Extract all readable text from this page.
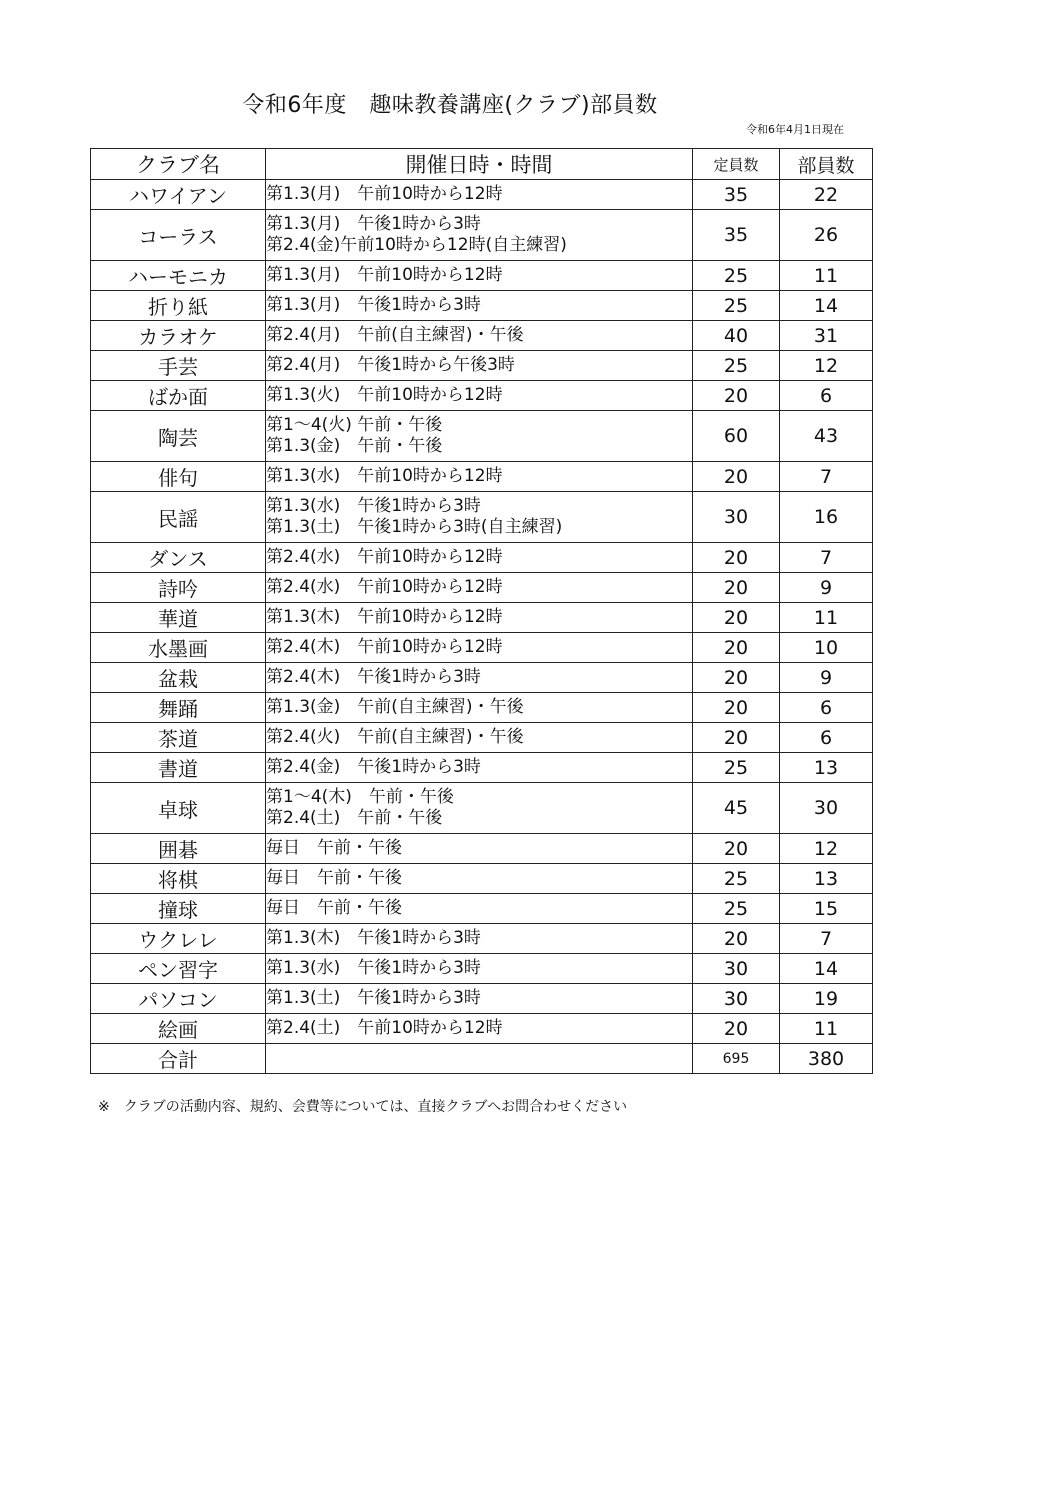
令和6年度　趣味教養講座(クラブ)部員数
令和6年4月1日現在
クラブ名	開催日時・時間	定員数	部員数
ハワイアン	第1.3(月)　午前10時から12時	35	22
コーラス	第1.3(月)　午後1時から3時
第2.4(金)午前10時から12時(自主練習)	35	26
ハーモニカ	第1.3(月)　午前10時から12時	25	11
折り紙	第1.3(月)　午後1時から3時	25	14
カラオケ	第2.4(月)　午前(自主練習)・午後	40	31
手芸	第2.4(月)　午後1時から午後3時	25	12
ばか面	第1.3(火)　午前10時から12時	20	6
陶芸	第1～4(火) 午前・午後
第1.3(金)　午前・午後	60	43
俳句	第1.3(水)　午前10時から12時	20	7
民謡	第1.3(水)　午後1時から3時
第1.3(土)　午後1時から3時(自主練習)	30	16
ダンス	第2.4(水)　午前10時から12時	20	7
詩吟	第2.4(水)　午前10時から12時	20	9
華道	第1.3(木)　午前10時から12時	20	11
水墨画	第2.4(木)　午前10時から12時	20	10
盆栽	第2.4(木)　午後1時から3時	20	9
舞踊	第1.3(金)　午前(自主練習)・午後	20	6
茶道	第2.4(火)　午前(自主練習)・午後	20	6
書道	第2.4(金)　午後1時から3時	25	13
卓球	第1～4(木)　午前・午後
第2.4(土)　午前・午後	45	30
囲碁	毎日　午前・午後	20	12
将棋	毎日　午前・午後	25	13
撞球	毎日　午前・午後	25	15
ウクレレ	第1.3(木)　午後1時から3時	20	7
ペン習字	第1.3(水)　午後1時から3時	30	14
パソコン	第1.3(土)　午後1時から3時	30	19
絵画	第2.4(土)　午前10時から12時	20	11
合計		695	380
※　クラブの活動内容、規約、会費等については、直接クラブへお問合わせください
